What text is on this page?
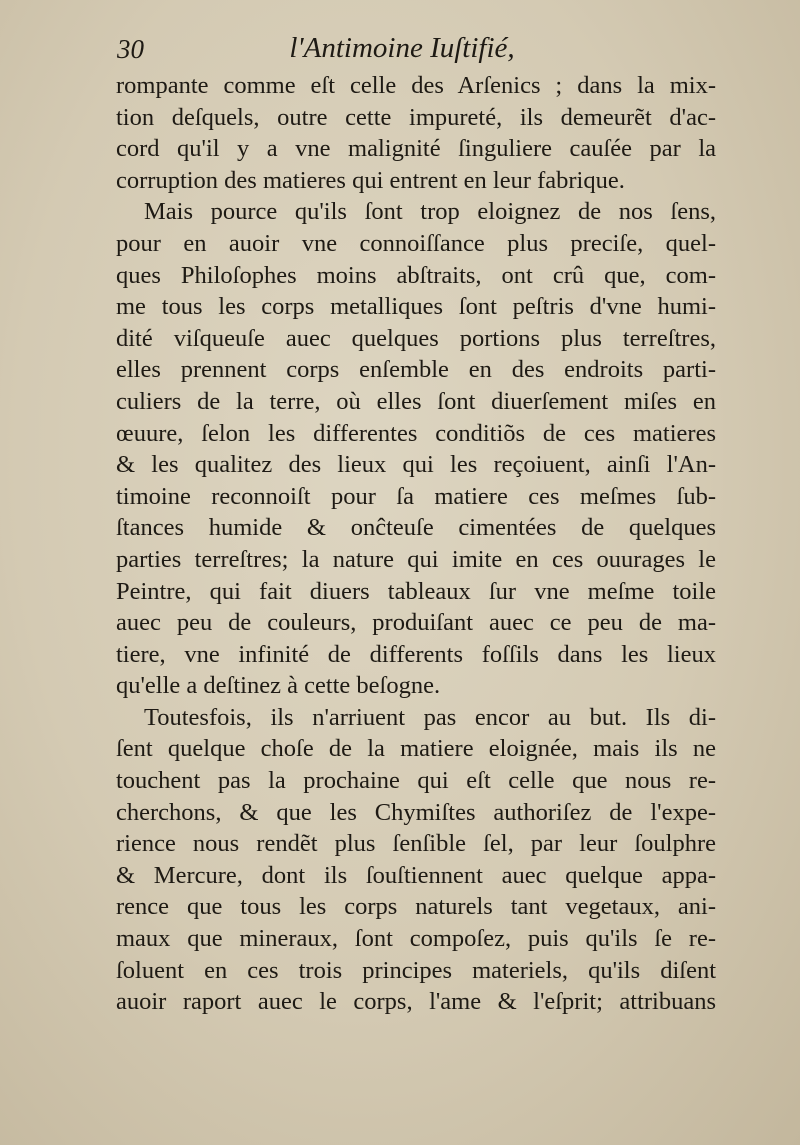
30	l'Antimoine Iuſtifié,
rompante comme eſt celle des Arſenics ; dans la mix-
tion deſquels, outre cette impureté, ils demeurẽt d'ac-
cord qu'il y a vne malignité ſinguliere cauſée par la
corruption des matieres qui entrent en leur fabrique.
Mais pource qu'ils ſont trop eloignez de nos ſens,
pour en auoir vne connoiſſance plus preciſe, quel-
ques Philoſophes moins abſtraits, ont crû que, com-
me tous les corps metalliques ſont peſtris d'vne humi-
dité viſqueuſe auec quelques portions plus terreſtres,
elles prennent corps enſemble en des endroits parti-
culiers de la terre, où elles ſont diuerſement miſes en
œuure, ſelon les differentes conditiõs de ces matieres
& les qualitez des lieux qui les reçoiuent, ainſi l'An-
timoine reconnoiſt pour ſa matiere ces meſmes ſub-
ſtances humide & onĉteuſe cimentées de quelques
parties terreſtres; la nature qui imite en ces ouurages le
Peintre, qui fait diuers tableaux ſur vne meſme toile
auec peu de couleurs, produiſant auec ce peu de ma-
tiere, vne infinité de differents foſſils dans les lieux
qu'elle a deſtinez à cette beſogne.
Toutesfois, ils n'arriuent pas encor au but. Ils di-
ſent quelque choſe de la matiere eloignée, mais ils ne
touchent pas la prochaine qui eſt celle que nous re-
cherchons, & que les Chymiſtes authoriſez de l'expe-
rience nous rendẽt plus ſenſible ſel, par leur ſoulphre
& Mercure, dont ils ſouſtiennent auec quelque appa-
rence que tous les corps naturels tant vegetaux, ani-
maux que mineraux, ſont compoſez, puis qu'ils ſe re-
ſoluent en ces trois principes materiels, qu'ils diſent
auoir raport auec le corps, l'ame & l'eſprit; attribuans
